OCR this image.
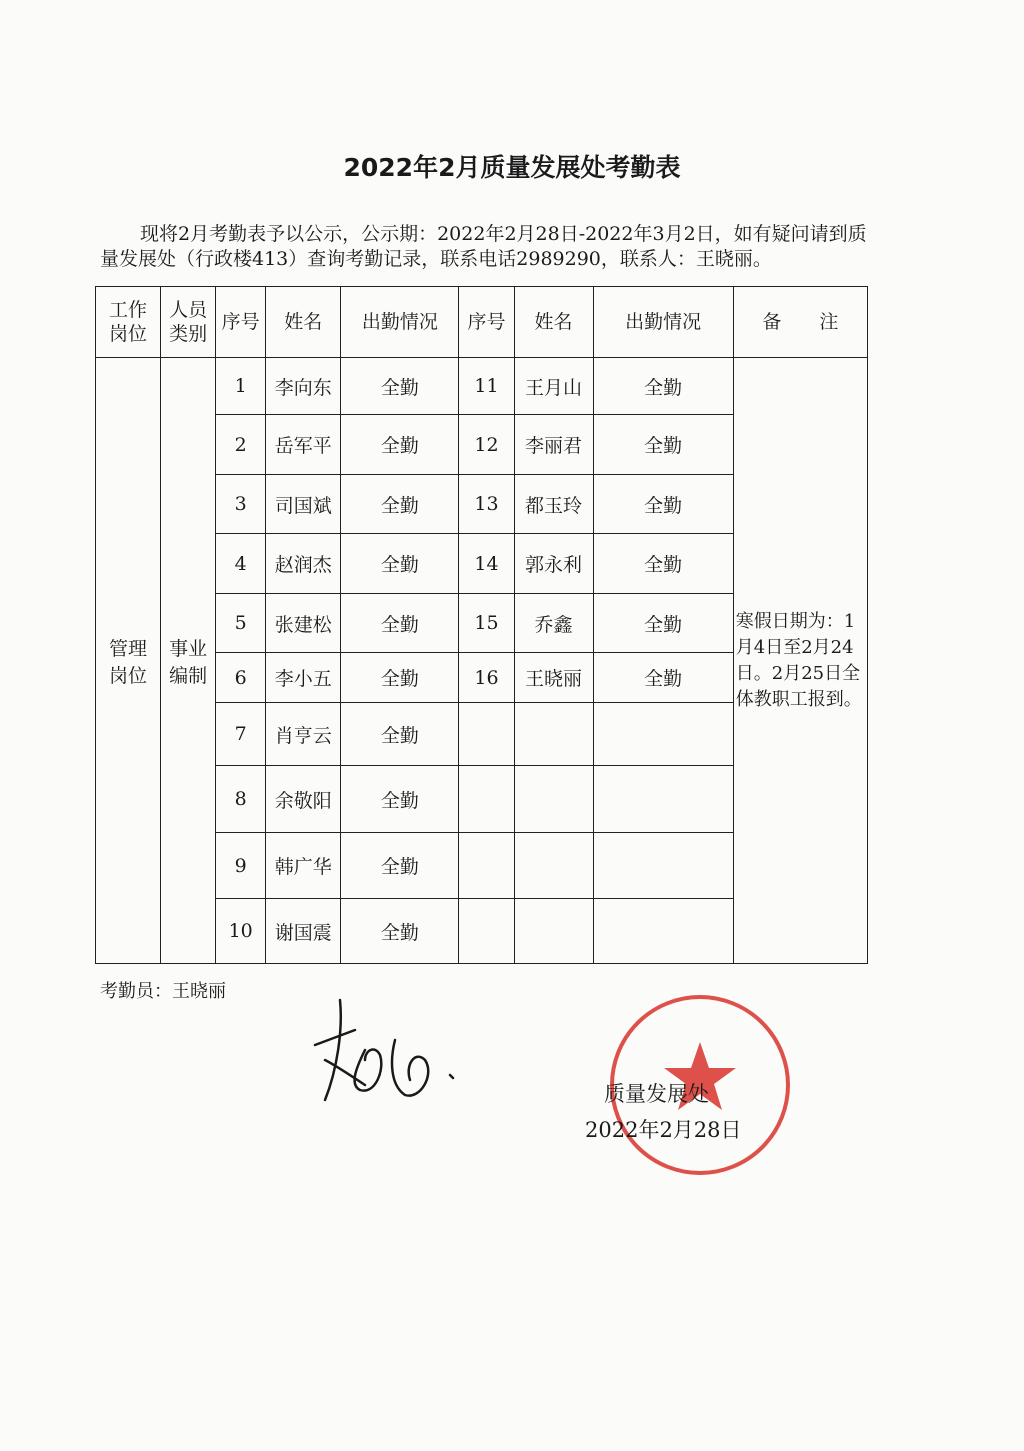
2022年2月质量发展处考勤表

现将2月考勤表予以公示，公示期：2022年2月28日-2022年3月2日，如有疑问请到质量发展处（行政楼413）查询考勤记录，联系电话2989290，联系人：王晓丽。

工作岗位	人员类别	序号	姓名	出勤情况	序号	姓名	出勤情况	备　　注
管理岗位	事业编制	1	李向东	全勤	11	王月山	全勤	寒假日期为：1月4日至2月24日。2月25日全体教职工报到。
		2	岳军平	全勤	12	李丽君	全勤	
		3	司国斌	全勤	13	都玉玲	全勤	
		4	赵润杰	全勤	14	郭永利	全勤	
		5	张建松	全勤	15	乔鑫	全勤	
		6	李小五	全勤	16	王晓丽	全勤	
		7	肖亨云	全勤				
		8	余敬阳	全勤				
		9	韩广华	全勤				
		10	谢国震	全勤				
考勤员：王晓丽
质量发展处
2022年2月28日
